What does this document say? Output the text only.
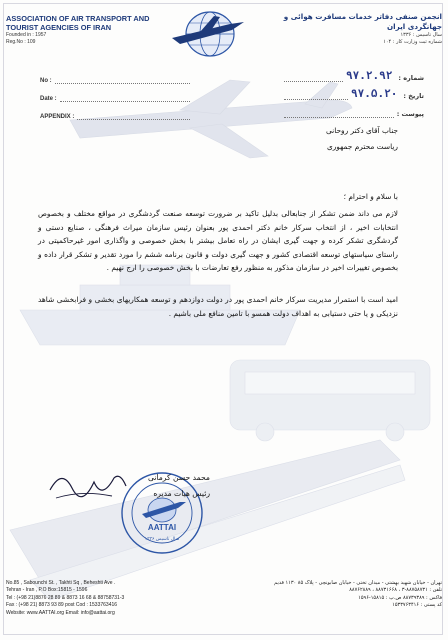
ASSOCIATION OF AIR TRANSPORT AND
TOURIST AGENCIES OF IRAN
Founded in : 1957
Reg.No : 109
انجمن صنفی دفاتر خدمات مسافرت هوائی و جهانگردی ایران
سال تاسیس : ۱۳۳۶
شماره ثبت وزارت کار : ۱۰۴
No :
Date :
APPENDIX :
شماره :
۹۷.۲.۹۲
تاریخ :
۹۷.۵.۲۰
پیوست :
جناب آقای دکتر روحانی
ریاست محترم جمهوری
با سلام و احترام ؛
لازم می داند ضمن تشکر از جنابعالی بدلیل تاکید بر ضرورت توسعه صنعت گردشگری در مواقع مختلف و بخصوص انتخابات اخیر ، از انتخاب سرکار خانم دکتر احمدی پور بعنوان رئیس سازمان میراث فرهنگی ، صنایع دستی و گردشگری تشکر کرده و جهت گیری ایشان در راه تعامل بیشتر با بخش خصوصی و واگذاری امور غیرحاکمیتی در راستای سیاستهای توسعه اقتصادی کشور و جهت گیری دولت و قانون برنامه ششم را مورد تقدیر و تشکر قرار داده و بخصوص تغییرات اخیر در سازمان مذکور به منظور رفع تعارضات با بخش خصوصی را ارج نهیم .
امید است با استمرار مدیریت سرکار خانم احمدی پور در دولت دوازدهم و توسعه همکاریهای بخشی و فرابخشی شاهد نزدیکی و یا حتی دستیابی به اهداف دولت همسو با تامین منافع ملی باشیم .
AATTAI
سال تاسیس ۱۳۳۶
محمد حسن کرمانی
رئیس هیات مدیره
No.85 , Sabounchi St. , Takhti Sq , Beheshti Ave .
Tehran - Iran , P.O Box:15815 - 1596
Tel : (+98 21)8876 28 89 & 8873 16 68 & 88758731-3
Fax : (+98 21) 8873 93 89 post Cod : 1533763416
Website: www.AATTAI.org Email: info@aattai.org
تهران - خیابان شهید بهشتی - میدان تختی - خیابان صابونچی - پلاک ۸۵ ۱۱۳۰ قدیم
تلفن : ۸۸۷۵۸۷۳۱-۳ ، ۸۸۷۳۱۶۶۸ ، ۸۸۷۶۲۸۸۹
فاکس : ۸۸۷۳۹۳۸۹ ص.پ : ۱۵۸۱۵-۱۵۹۶
کد پستی : ۱۵۳۳۷۶۳۴۱۶
